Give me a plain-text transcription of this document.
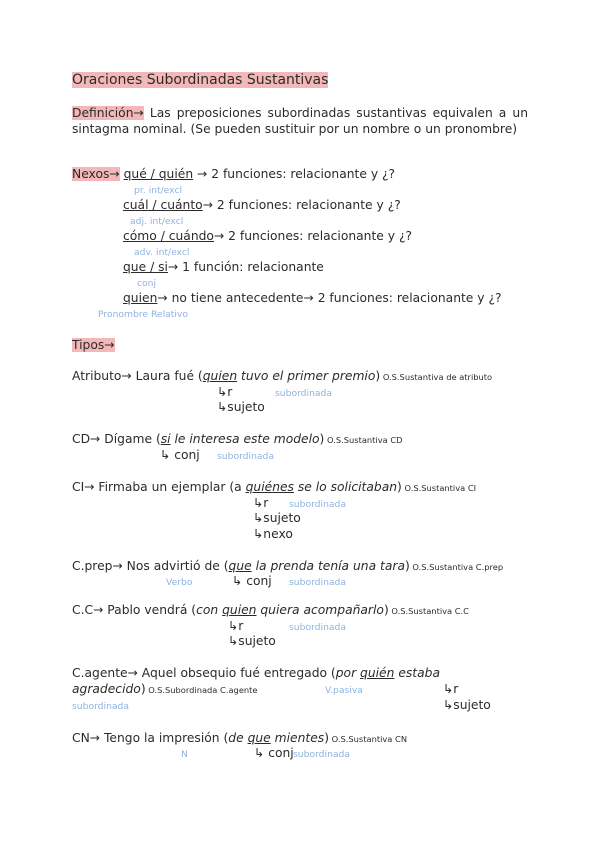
Oraciones Subordinadas Sustantivas
Definición→ Las preposiciones subordinadas sustantivas equivalen a un sintagma nominal. (Se pueden sustituir por un nombre o un pronombre)
Nexos→ qué / quién → 2 funciones: relacionante y ¿?
pr. int/excl
cuál / cuánto→ 2 funciones: relacionante y ¿?
adj. int/excl
cómo / cuándo→ 2 funciones: relacionante y ¿?
adv. int/excl
que / si→ 1 función: relacionante
conj
quien→ no tiene antecedente→ 2 funciones: relacionante y ¿?
Pronombre Relativo
Tipos→
Atributo→ Laura fué (quien tuvo el primer premio) O.S.Sustantiva de atributo
↳r	subordinada
↳sujeto
CD→ Dígame (si le interesa este modelo) O.S.Sustantiva CD
↳ conj subordinada
CI→ Firmaba un ejemplar (a quiénes se lo solicitaban) O.S.Sustantiva CI
↳r subordinada
↳sujeto
↳nexo
C.prep→ Nos advirtió de (que la prenda tenía una tara) O.S.Sustantiva C.prep
Verbo	↳ conj subordinada
C.C→ Pablo vendrá (con quien quiera acompañarlo) O.S.Sustantiva C.C
↳r	subordinada
↳sujeto
C.agente→ Aquel obsequio fué entregado (por quién estaba
agradecido) O.S.Subordinada C.agente	V.pasiva	↳r
subordinada	↳sujeto
CN→ Tengo la impresión (de que mientes) O.S.Sustantiva CN
N	↳ conj subordinada
